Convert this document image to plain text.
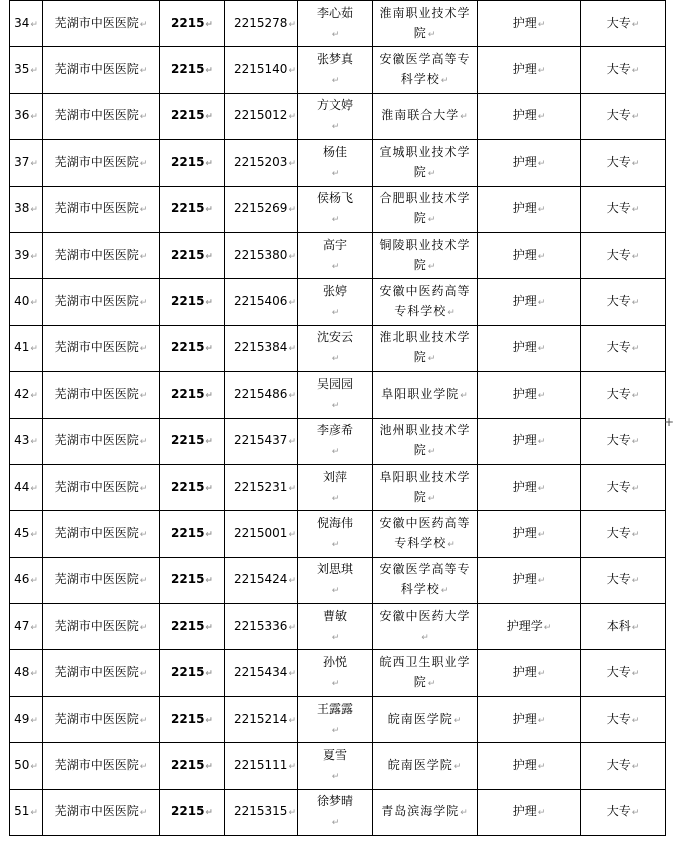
34↵	芜湖市中医医院↵	2215↵	2215278↵	李心茹
↵	淮南职业技术学
院↵	护理↵	大专↵
35↵	芜湖市中医医院↵	2215↵	2215140↵	张梦真
↵	安徽医学高等专
科学校↵	护理↵	大专↵
36↵	芜湖市中医医院↵	2215↵	2215012↵	方文婷
↵	淮南联合大学↵	护理↵	大专↵
37↵	芜湖市中医医院↵	2215↵	2215203↵	杨佳
↵	宣城职业技术学院↵	护理↵	大专↵
38↵	芜湖市中医医院↵	2215↵	2215269↵	侯杨飞
↵	合肥职业技术学
院↵	护理↵	大专↵
39↵	芜湖市中医医院↵	2215↵	2215380↵	高宇
↵	铜陵职业技术学
院↵	护理↵	大专↵
40↵	芜湖市中医医院↵	2215↵	2215406↵	张婷
↵	安徽中医药高等
专科学校↵	护理↵	大专↵
41↵	芜湖市中医医院↵	2215↵	2215384↵	沈安云
↵	淮北职业技术学
院↵	护理↵	大专↵
42↵	芜湖市中医医院↵	2215↵	2215486↵	吴园园
↵	阜阳职业学院↵	护理↵	大专↵
43↵	芜湖市中医医院↵	2215↵	2215437↵	李彦希
↵	池州职业技术学
院↵	护理↵	大专↵
44↵	芜湖市中医医院↵	2215↵	2215231↵	刘萍
↵	阜阳职业技术学
院↵	护理↵	大专↵
45↵	芜湖市中医医院↵	2215↵	2215001↵	倪海伟
↵	安徽中医药高等
专科学校↵	护理↵	大专↵
46↵	芜湖市中医医院↵	2215↵	2215424↵	刘思琪
↵	安徽医学高等专
科学校↵	护理↵	大专↵
47↵	芜湖市中医医院↵	2215↵	2215336↵	曹敏
↵	安徽中医药大学↵	护理学↵	本科↵
48↵	芜湖市中医医院↵	2215↵	2215434↵	孙悦
↵	皖西卫生职业学
院↵	护理↵	大专↵
49↵	芜湖市中医医院↵	2215↵	2215214↵	王露露
↵	皖南医学院↵	护理↵	大专↵
50↵	芜湖市中医医院↵	2215↵	2215111↵	夏雪
↵	皖南医学院↵	护理↵	大专↵
51↵	芜湖市中医医院↵	2215↵	2215315↵	徐梦晴
↵	青岛滨海学院↵	护理↵	大专↵
+
